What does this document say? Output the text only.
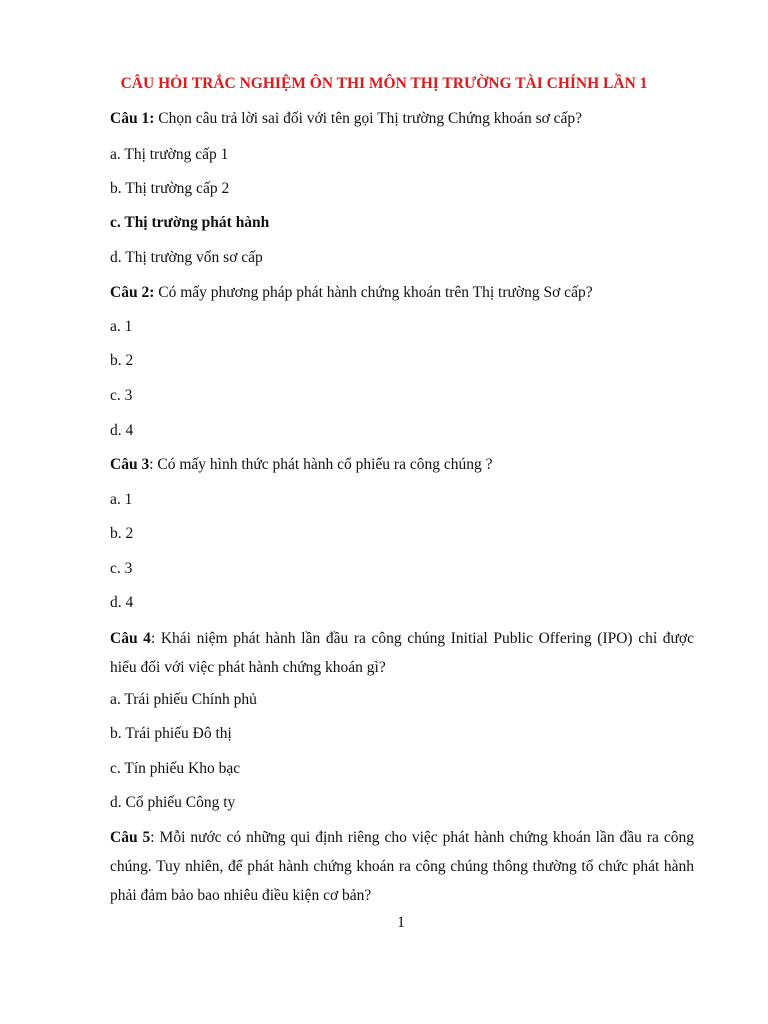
CÂU HỎI TRẮC NGHIỆM ÔN THI MÔN THỊ TRƯỜNG TÀI CHÍNH LẦN 1
Câu 1: Chọn câu trả lời sai đối với tên gọi Thị trường Chứng khoán sơ cấp?
a. Thị trường cấp 1
b. Thị trường cấp 2
c. Thị trường phát hành
d. Thị trường vốn sơ cấp
Câu 2: Có mấy phương pháp phát hành chứng khoán trên Thị trường Sơ cấp?
a. 1
b. 2
c. 3
d. 4
Câu 3: Có mấy hình thức phát hành cổ phiếu ra công chúng ?
a. 1
b. 2
c. 3
d. 4
Câu 4: Khái niệm phát hành lần đầu ra công chúng Initial Public Offering (IPO) chỉ được hiểu đối với việc phát hành chứng khoán gì?
a. Trái phiếu Chính phủ
b. Trái phiếu Đô thị
c. Tín phiếu Kho bạc
d. Cổ phiếu Công ty
Câu 5: Mỗi nước có những qui định riêng cho việc phát hành chứng khoán lần đầu ra công chúng. Tuy nhiên, để phát hành chứng khoán ra công chúng thông thường tổ chức phát hành phải đảm bảo bao nhiêu điều kiện cơ bản?
1
